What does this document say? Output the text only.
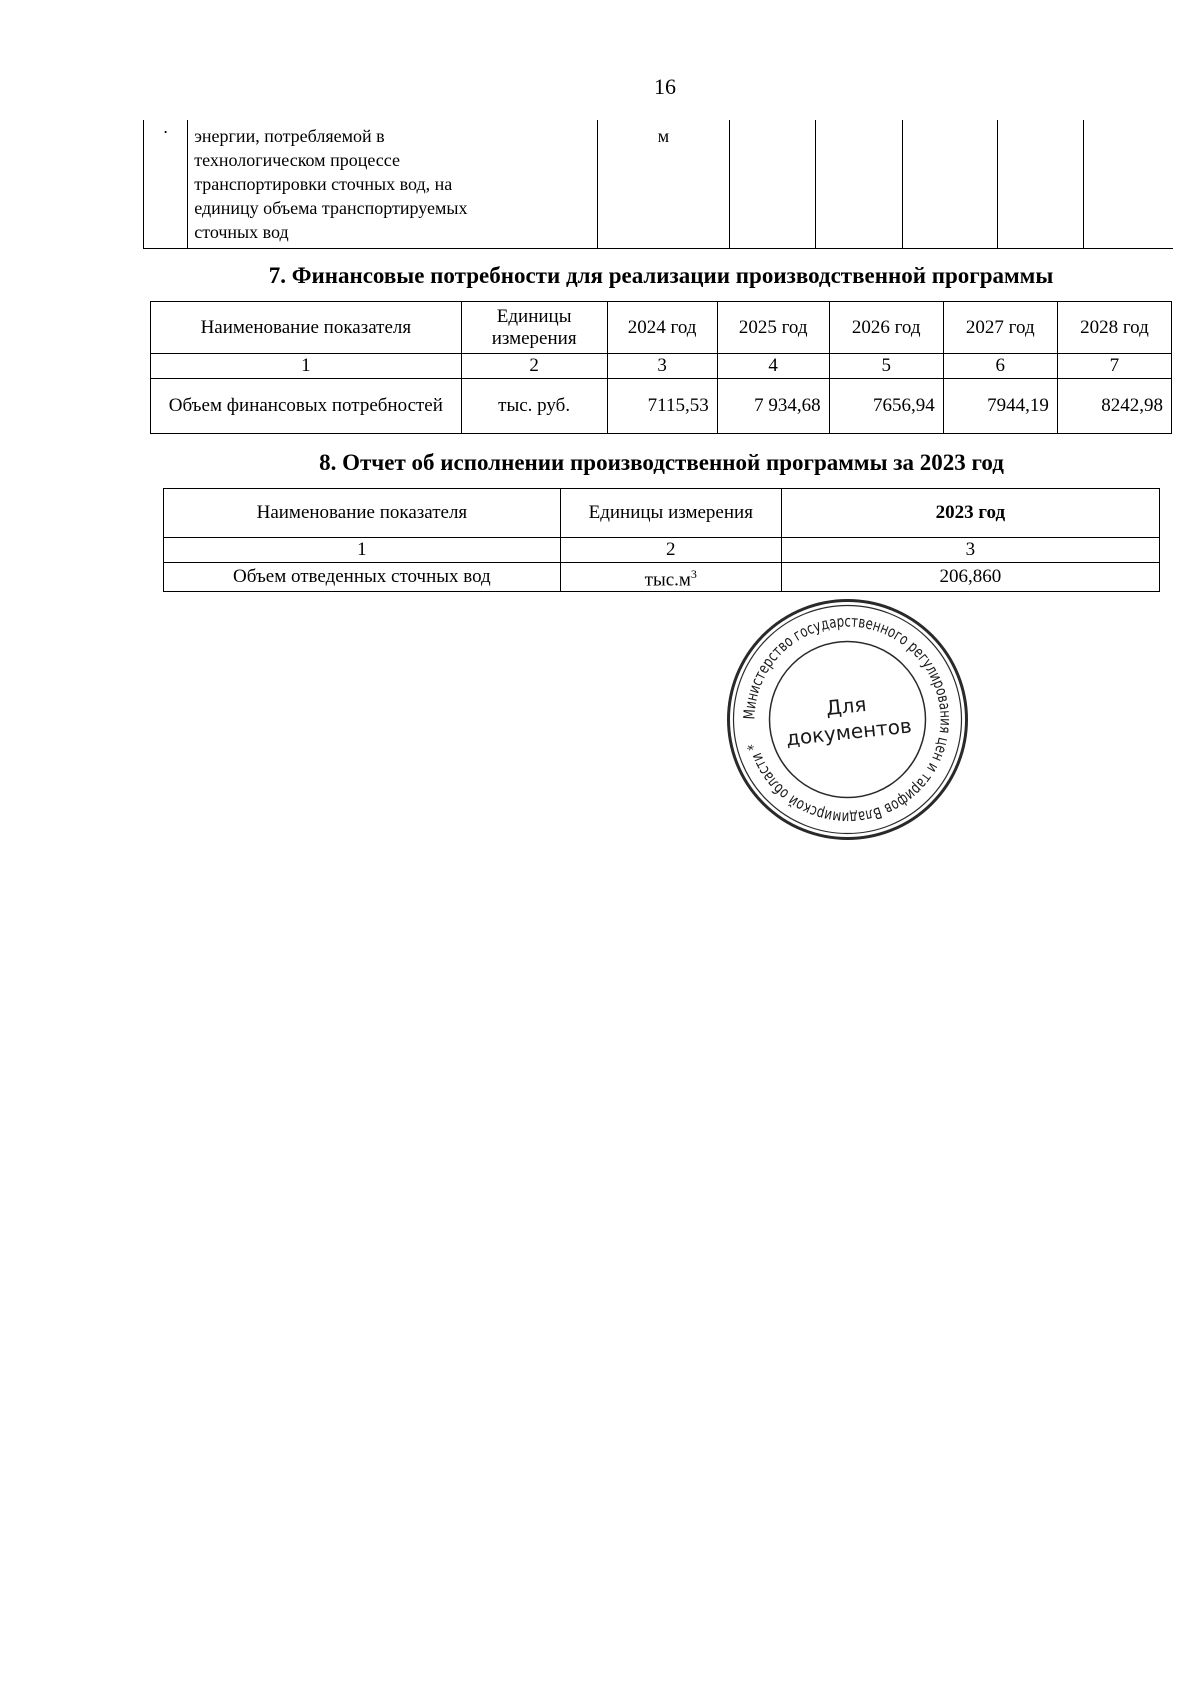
16
·	энергии, потребляемой в
технологическом процессе
транспортировки сточных вод, на
единицу объема транспортируемых
сточных вод
	м					
7. Финансовые потребности для реализации производственной программы
Наименование показателя	Единицы измерения	2024 год	2025 год	2026 год	2027 год	2028 год
1	2	3	4	5	6	7
Объем финансовых потребностей	тыс. руб.	7115,53	7 934,68	7656,94	7944,19	8242,98
8. Отчет об исполнении производственной программы за 2023 год
Наименование показателя	Единицы измерения	2023 год
1	2	3
Объем отведенных сточных вод	$тыс.м^3$	206,860
Министерство государственного регулирования цен и тарифов Владимирской области *
Для
документов
